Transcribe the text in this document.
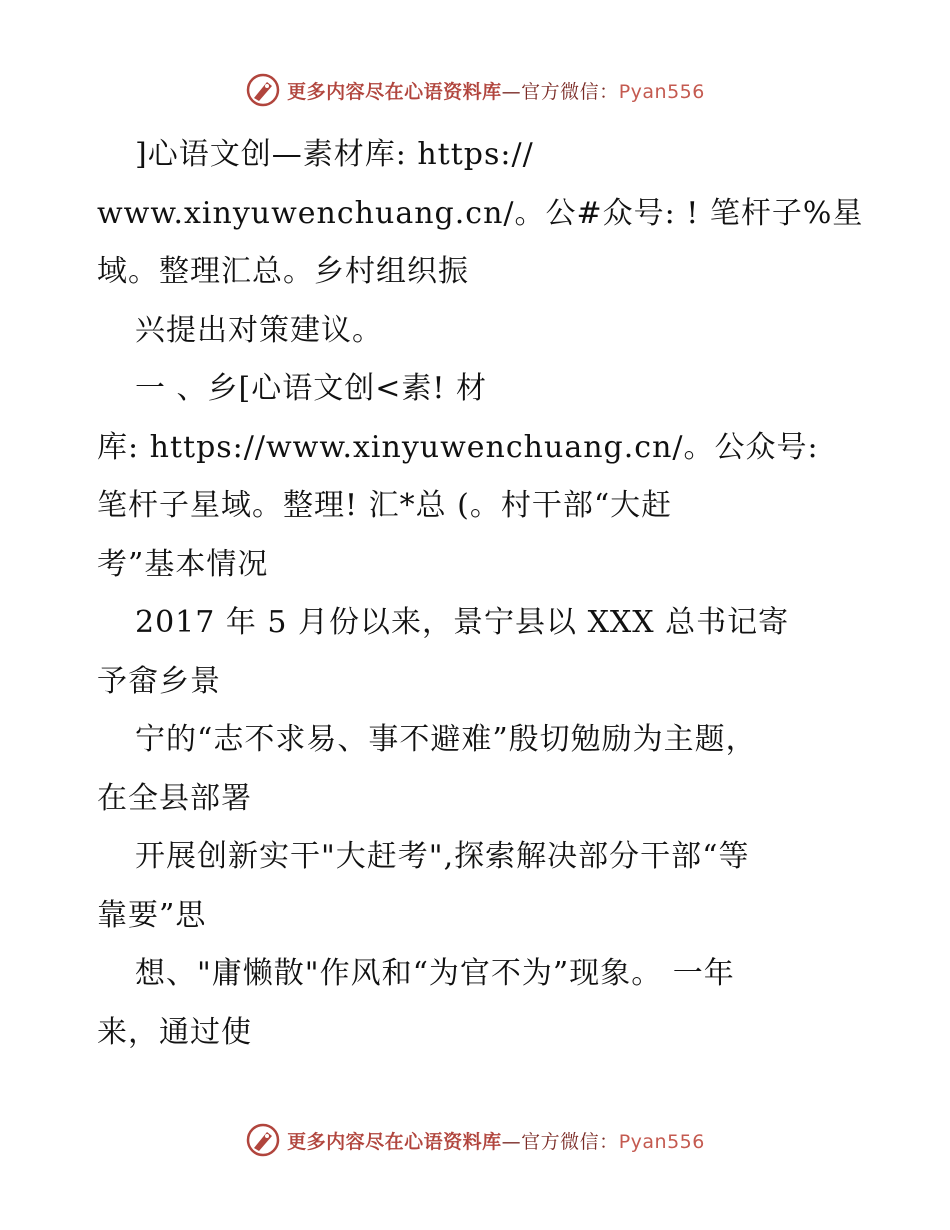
更多内容尽在心语资料库—官方微信：Pyan556
]心语文创—素材库: https://
www.xinyuwenchuang.cn/。公#众号: ! 笔杆子%星
域。整理汇总。乡村组织振
兴提出对策建议。
一 、乡[心语文创<素! 材
库: https://www.xinyuwenchuang.cn/。公众号:
笔杆子星域。整理! 汇*总 (。村干部“大赶
考”基本情况
2017 年 5 月份以来，景宁县以 XXX 总书记寄
予畲乡景
宁的“志不求易、事不避难”殷切勉励为主题，
在全县部署
开展创新实干"大赶考",探索解决部分干部“等
靠要”思
想、"庸懒散"作风和“为官不为”现象。 一年
来，通过使
更多内容尽在心语资料库—官方微信：Pyan556
